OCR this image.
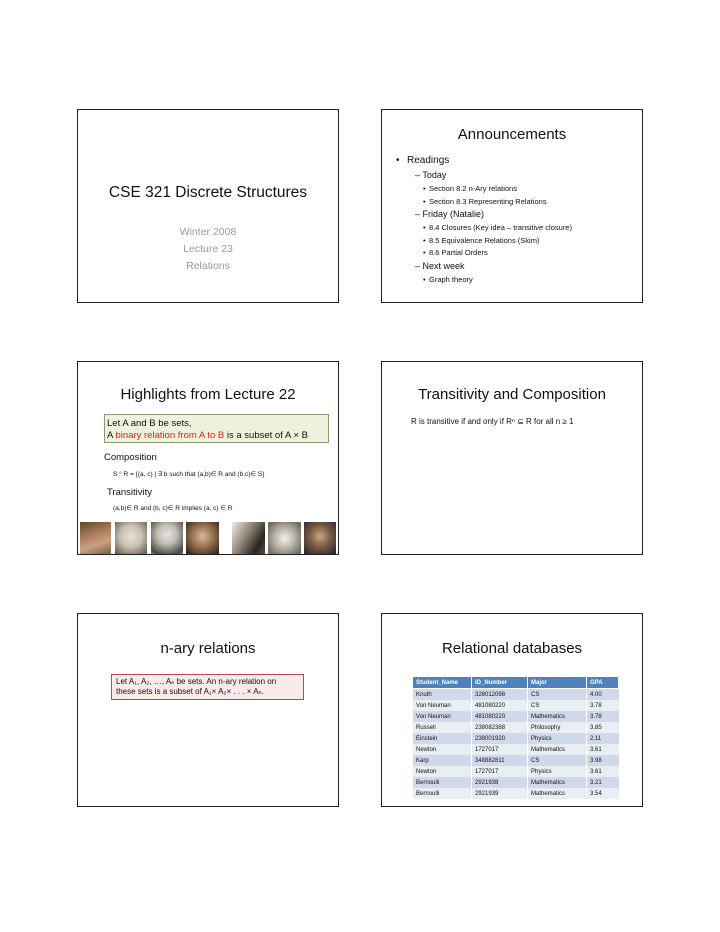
CSE 321 Discrete Structures
Winter 2008
Lecture 23
Relations
Announcements
• Readings
– Today
• Section 8.2 n-Ary relations
• Section 8.3 Representing Relations
– Friday (Natalie)
• 8.4 Closures (Key idea – transitive closure)
• 8.5 Equivalence Relations (Skim)
• 8.6 Partial Orders
– Next week
• Graph theory
Highlights from Lecture 22
Let A and B be sets,
A binary relation from A to B is a subset of A × B
Composition
S ° R = {(a, c) | ∃ b such that (a,b)∈ R and (b,c)∈ S}
Transitivity
(a,b)∈ R and (b, c)∈ R implies (a, c) ∈ R
Transitivity and Composition
R is transitive if and only if Rⁿ ⊆ R for all n ≥ 1
n-ary relations
Let A₁, A₂, …, Aₙ be sets. An n-ary relation on
these sets is a subset of A₁× A₂× . . . × Aₙ.
Relational databases
Student_Name	ID_Number	Major	GPA
Knuth	328012098	CS	4.00
Von Neuman	481080220	CS	3.78
Von Neuman	481080220	Mathematics	3.78
Russell	238082388	Philosophy	3.85
Einstein	238001920	Physics	2.11
Newton	1727017	Mathematics	3.61
Karp	348882811	CS	3.98
Newton	1727017	Physics	3.61
Bernoulli	2921938	Mathematics	3.21
Bernoulli	2921939	Mathematics	3.54
